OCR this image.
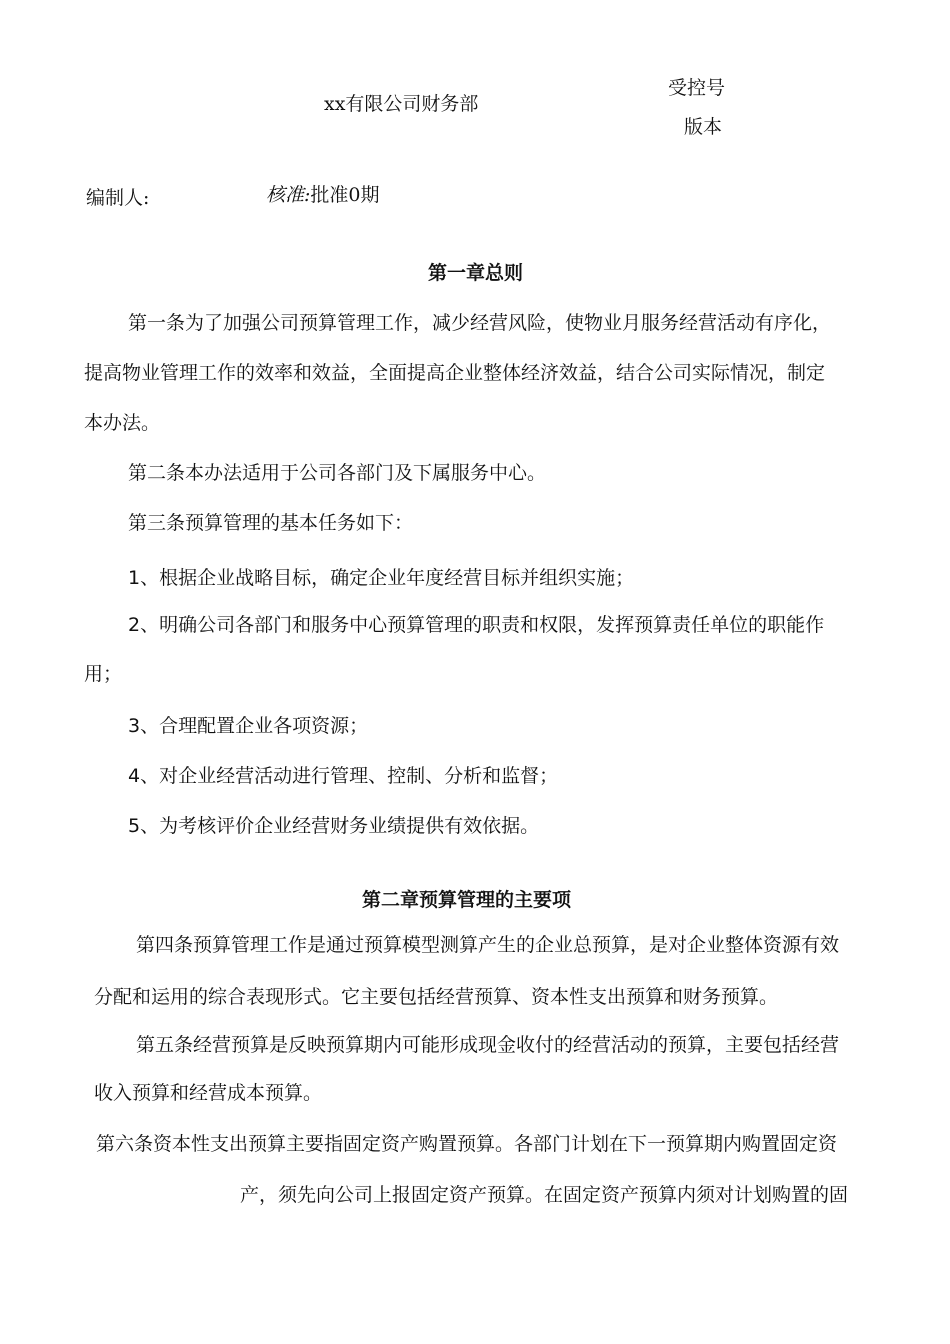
xx有限公司财务部
受控号
版本
编制人:	核准:批准0期
第一章总则
第一条为了加强公司预算管理工作，减少经营风险，使物业月服务经营活动有序化，
提高物业管理工作的效率和效益，全面提高企业整体经济效益，结合公司实际情况，制定
本办法。
第二条本办法适用于公司各部门及下属服务中心。
第三条预算管理的基本任务如下：
1、根据企业战略目标，确定企业年度经营目标并组织实施；
2、明确公司各部门和服务中心预算管理的职责和权限，发挥预算责任单位的职能作
用；
3、合理配置企业各项资源；
4、对企业经营活动进行管理、控制、分析和监督；
5、为考核评价企业经营财务业绩提供有效依据。
第二章预算管理的主要项
第四条预算管理工作是通过预算模型测算产生的企业总预算，是对企业整体资源有效
分配和运用的综合表现形式。它主要包括经营预算、资本性支出预算和财务预算。
第五条经营预算是反映预算期内可能形成现金收付的经营活动的预算，主要包括经营
收入预算和经营成本预算。
第六条资本性支出预算主要指固定资产购置预算。各部门计划在下一预算期内购置固定资
产，须先向公司上报固定资产预算。在固定资产预算内须对计划购置的固
